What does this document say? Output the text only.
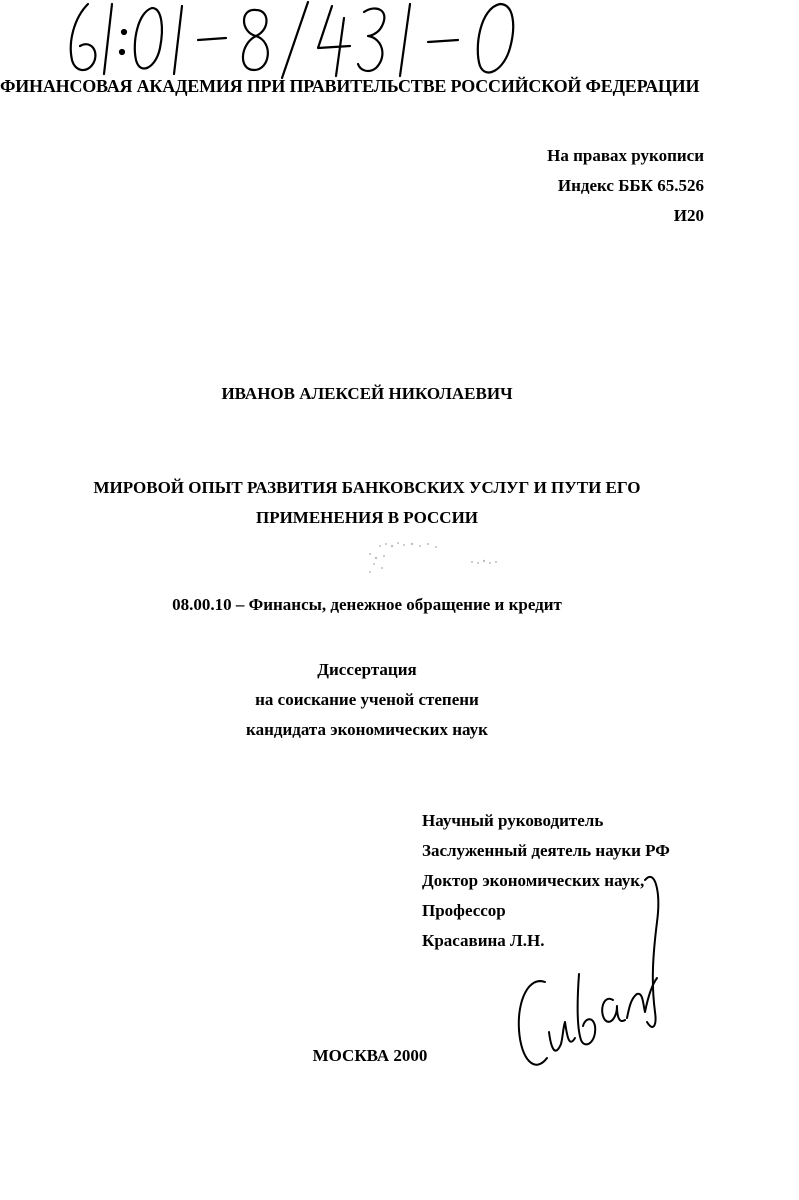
ФИНАНСОВАЯ АКАДЕМИЯ ПРИ ПРАВИТЕЛЬСТВЕ РОССИЙСКОЙ ФЕДЕРАЦИИ
На правах рукописи
Индекс ББК 65.526
И20
ИВАНОВ АЛЕКСЕЙ НИКОЛАЕВИЧ
МИРОВОЙ ОПЫТ РАЗВИТИЯ БАНКОВСКИХ УСЛУГ И ПУТИ ЕГО
ПРИМЕНЕНИЯ В РОССИИ
08.00.10 – Финансы, денежное обращение и кредит
Диссертация
на соискание ученой степени
кандидата экономических наук
Научный руководитель
Заслуженный деятель науки РФ
Доктор экономических наук,
Профессор
Красавина Л.Н.
МОСКВА 2000
